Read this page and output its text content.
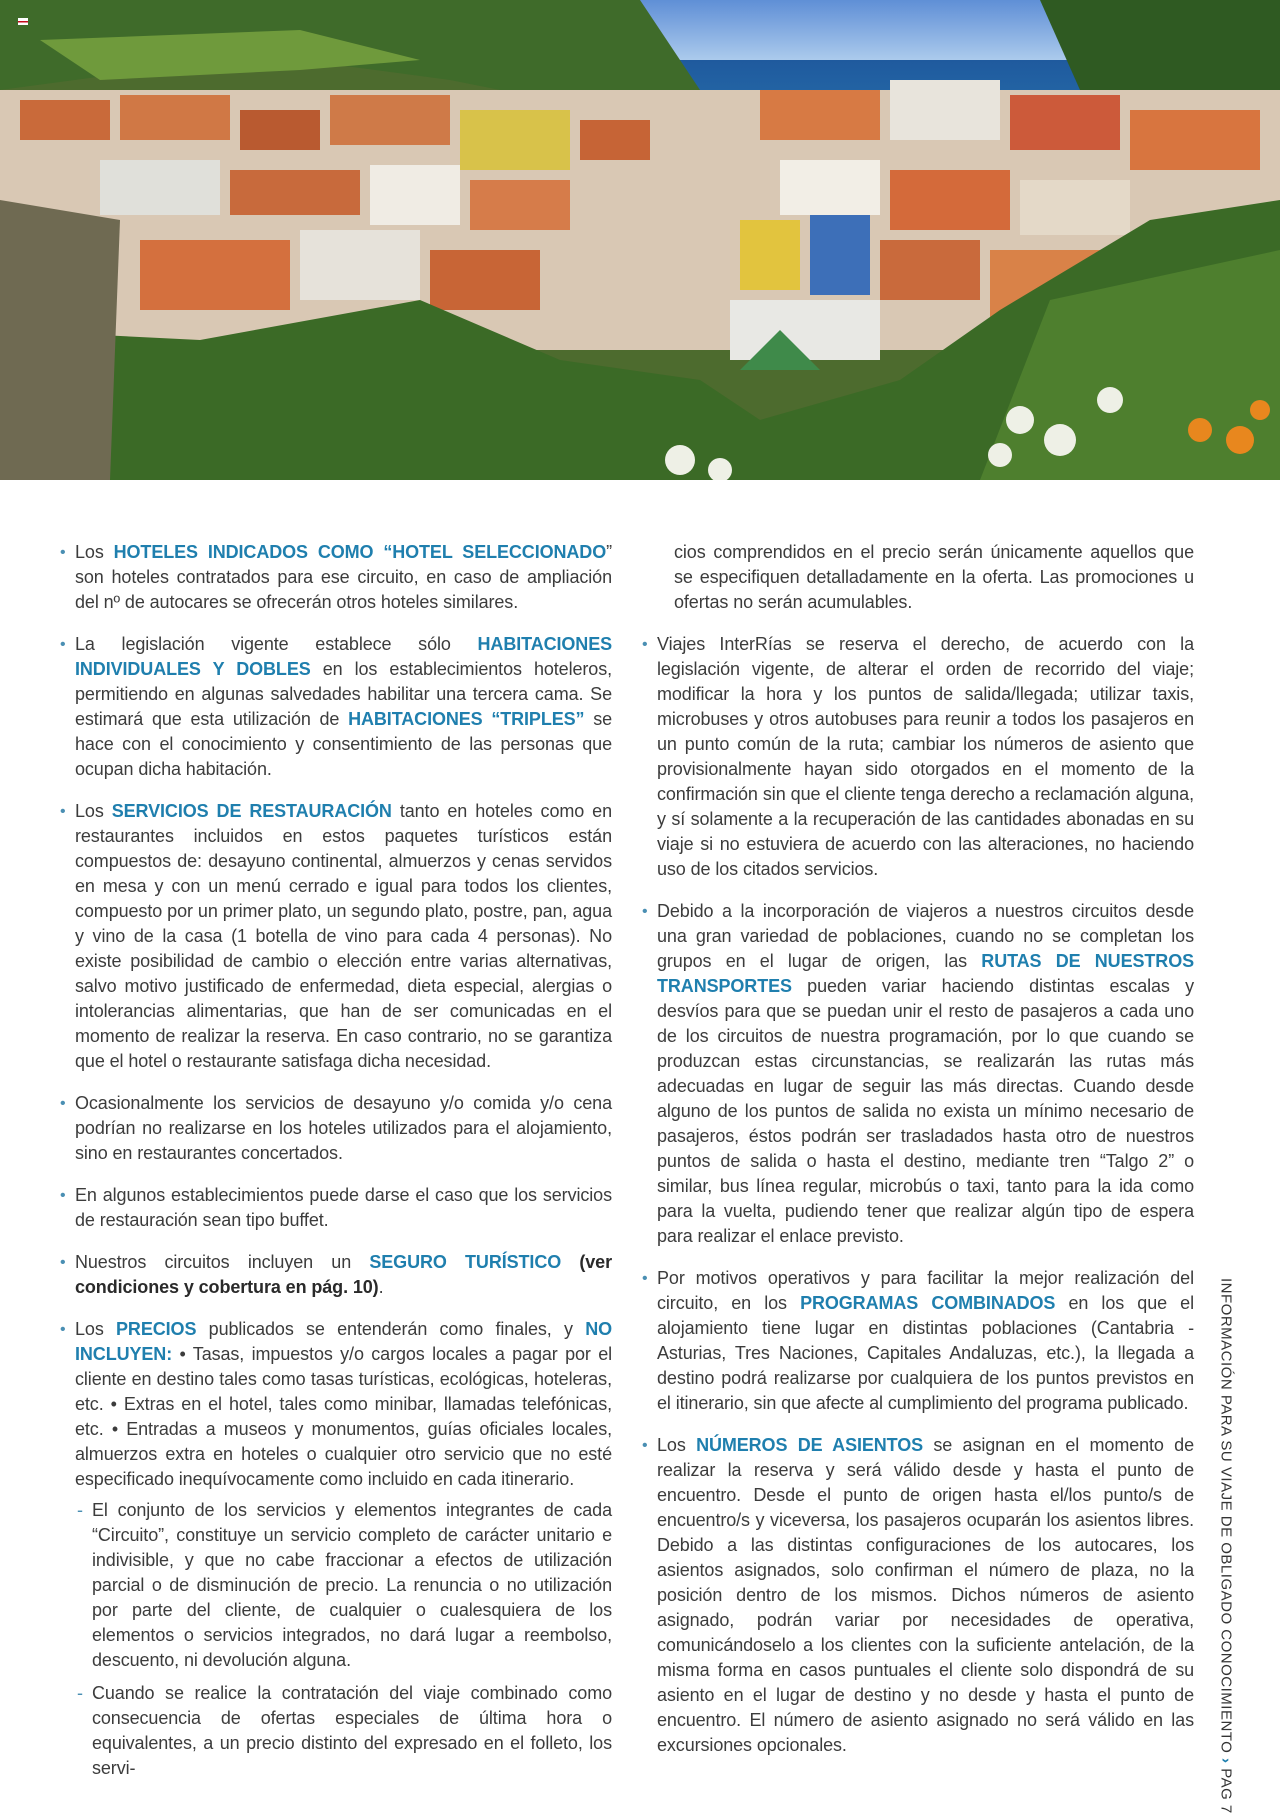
• Los HOTELES INDICADOS COMO “HOTEL SELECCIONADO” son hoteles contratados para ese circuito, en caso de ampliación del nº de autocares se ofrecerán otros hoteles similares.

• La legislación vigente establece sólo HABITACIONES INDIVIDUALES Y DOBLES en los establecimientos hoteleros, permitiendo en algunas salvedades habilitar una tercera cama. Se estimará que esta utilización de HABITACIONES “TRIPLES” se hace con el conocimiento y consentimiento de las personas que ocupan dicha habitación.

• Los SERVICIOS DE RESTAURACIÓN tanto en hoteles como en restaurantes incluidos en estos paquetes turísticos están compuestos de: desayuno continental, almuerzos y cenas servidos en mesa y con un menú cerrado e igual para todos los clientes, compuesto por un primer plato, un segundo plato, postre, pan, agua y vino de la casa (1 botella de vino para cada 4 personas). No existe posibilidad de cambio o elección entre varias alternativas, salvo motivo justificado de enfermedad, dieta especial, alergias o intolerancias alimentarias, que han de ser comunicadas en el momento de realizar la reserva. En caso contrario, no se garantiza que el hotel o restaurante satisfaga dicha necesidad.

• Ocasionalmente los servicios de desayuno y/o comida y/o cena podrían no realizarse en los hoteles utilizados para el alojamiento, sino en restaurantes concertados.

• En algunos establecimientos puede darse el caso que los servicios de restauración sean tipo buffet.

• Nuestros circuitos incluyen un SEGURO TURÍSTICO (ver condiciones y cobertura en pág. 10).

• Los PRECIOS publicados se entenderán como finales, y NO INCLUYEN: • Tasas, impuestos y/o cargos locales a pagar por el cliente en destino tales como tasas turísticas, ecológicas, hoteleras, etc. • Extras en el hotel, tales como minibar, llamadas telefónicas, etc. • Entradas a museos y monumentos, guías oficiales locales, almuerzos extra en hoteles o cualquier otro servicio que no esté especificado inequívocamente como incluido en cada itinerario.

- El conjunto de los servicios y elementos integrantes de cada “Circuito”, constituye un servicio completo de carácter unitario e indivisible, y que no cabe fraccionar a efectos de utilización parcial o de disminución de precio. La renuncia o no utilización por parte del cliente, de cualquier o cualesquiera de los elementos o servicios integrados, no dará lugar a reembolso, descuento, ni devolución alguna.

- Cuando se realice la contratación del viaje combinado como consecuencia de ofertas especiales de última hora o equivalentes, a un precio distinto del expresado en el folleto, los servi-

cios comprendidos en el precio serán únicamente aquellos que se especifiquen detalladamente en la oferta. Las promociones u ofertas no serán acumulables.

• Viajes InterRías se reserva el derecho, de acuerdo con la legislación vigente, de alterar el orden de recorrido del viaje; modificar la hora y los puntos de salida/llegada; utilizar taxis, microbuses y otros autobuses para reunir a todos los pasajeros en un punto común de la ruta; cambiar los números de asiento que provisionalmente hayan sido otorgados en el momento de la confirmación sin que el cliente tenga derecho a reclamación alguna, y sí solamente a la recuperación de las cantidades abonadas en su viaje si no estuviera de acuerdo con las alteraciones, no haciendo uso de los citados servicios.

• Debido a la incorporación de viajeros a nuestros circuitos desde una gran variedad de poblaciones, cuando no se completan los grupos en el lugar de origen, las RUTAS DE NUESTROS TRANSPORTES pueden variar haciendo distintas escalas y desvíos para que se puedan unir el resto de pasajeros a cada uno de los circuitos de nuestra programación, por lo que cuando se produzcan estas circunstancias, se realizarán las rutas más adecuadas en lugar de seguir las más directas. Cuando desde alguno de los puntos de salida no exista un mínimo necesario de pasajeros, éstos podrán ser trasladados hasta otro de nuestros puntos de salida o hasta el destino, mediante tren “Talgo 2” o similar, bus línea regular, microbús o taxi, tanto para la ida como para la vuelta, pudiendo tener que realizar algún tipo de espera para realizar el enlace previsto.

• Por motivos operativos y para facilitar la mejor realización del circuito, en los PROGRAMAS COMBINADOS en los que el alojamiento tiene lugar en distintas poblaciones (Cantabria - Asturias, Tres Naciones, Capitales Andaluzas, etc.), la llegada a destino podrá realizarse por cualquiera de los puntos previstos en el itinerario, sin que afecte al cumplimiento del programa publicado.

• Los NÚMEROS DE ASIENTOS se asignan en el momento de realizar la reserva y será válido desde y hasta el punto de encuentro. Desde el punto de origen hasta el/los punto/s de encuentro/s y viceversa, los pasajeros ocuparán los asientos libres. Debido a las distintas configuraciones de los autocares, los asientos asignados, solo confirman el número de plaza, no la posición dentro de los mismos. Dichos números de asiento asignado, podrán variar por necesidades de operativa, comunicándoselo a los clientes con la suficiente antelación, de la misma forma en casos puntuales el cliente solo dispondrá de su asiento en el lugar de destino y no desde y hasta el punto de encuentro. El número de asiento asignado no será válido en las excursiones opcionales.	INFORMACIÓN PARA SU VIAJE DE OBLIGADO CONOCIMIENTO › PAG 7
